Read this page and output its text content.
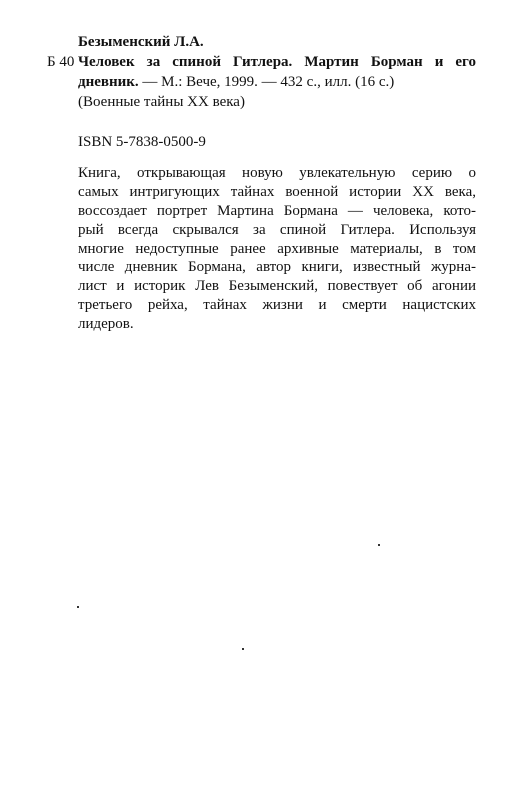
Безыменский Л.А.
Б 40 Человек за спиной Гитлера. Мартин Борман и его дневник. — М.: Вече, 1999. — 432 с., илл. (16 с.)
(Военные тайны XX века)
ISBN 5-7838-0500-9
Книга, открывающая новую увлекательную серию о
самых интригующих тайнах военной истории XX века,
воссоздает портрет Мартина Бормана — человека, кото-
рый всегда скрывался за спиной Гитлера. Используя
многие недоступные ранее архивные материалы, в том
числе дневник Бормана, автор книги, известный журна-
лист и историк Лев Безыменский, повествует об агонии
третьего рейха, тайнах жизни и смерти нацистских
лидеров.
